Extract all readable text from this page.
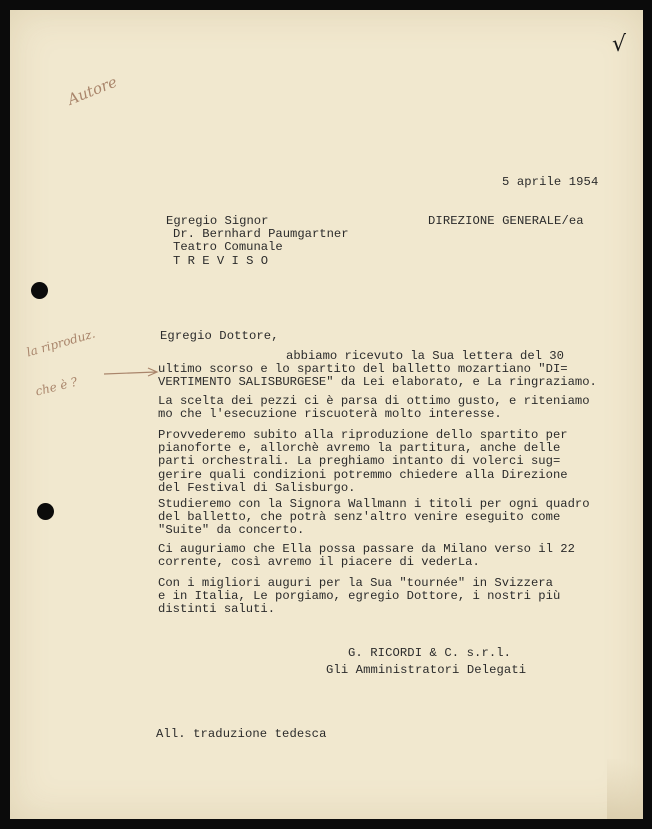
√
Autore
la riproduz.
che è ?

5 aprile 1954

DIREZIONE GENERALE/ea

Egregio Signor
Dr. Bernhard Paumgartner
Teatro Comunale
T R E V I S O

Egregio Dottore,

abbiamo ricevuto la Sua lettera del 30
ultimo scorso e lo spartito del balletto mozartiano "DI=
VERTIMENTO SALISBURGESE" da Lei elaborato, e La ringraziamo.
La scelta dei pezzi ci è parsa di ottimo gusto, e riteniamo
mo che l'esecuzione riscuoterà molto interesse.
Provvederemo subito alla riproduzione dello spartito per
pianoforte e, allorchè avremo la partitura, anche delle
parti orchestrali. La preghiamo intanto di volerci sug=
gerire quali condizioni potremmo chiedere alla Direzione
del Festival di Salisburgo.
Studieremo con la Signora Wallmann i titoli per ogni quadro
del balletto, che potrà senz'altro venire eseguito come
"Suite" da concerto.
Ci auguriamo che Ella possa passare da Milano verso il 22
corrente, così avremo il piacere di vederLa.
Con i migliori auguri per la Sua "tournée" in Svizzera
e in Italia, Le porgiamo, egregio Dottore, i nostri più
distinti saluti.

G. RICORDI & C. s.r.l.

Gli Amministratori Delegati

All. traduzione tedesca
